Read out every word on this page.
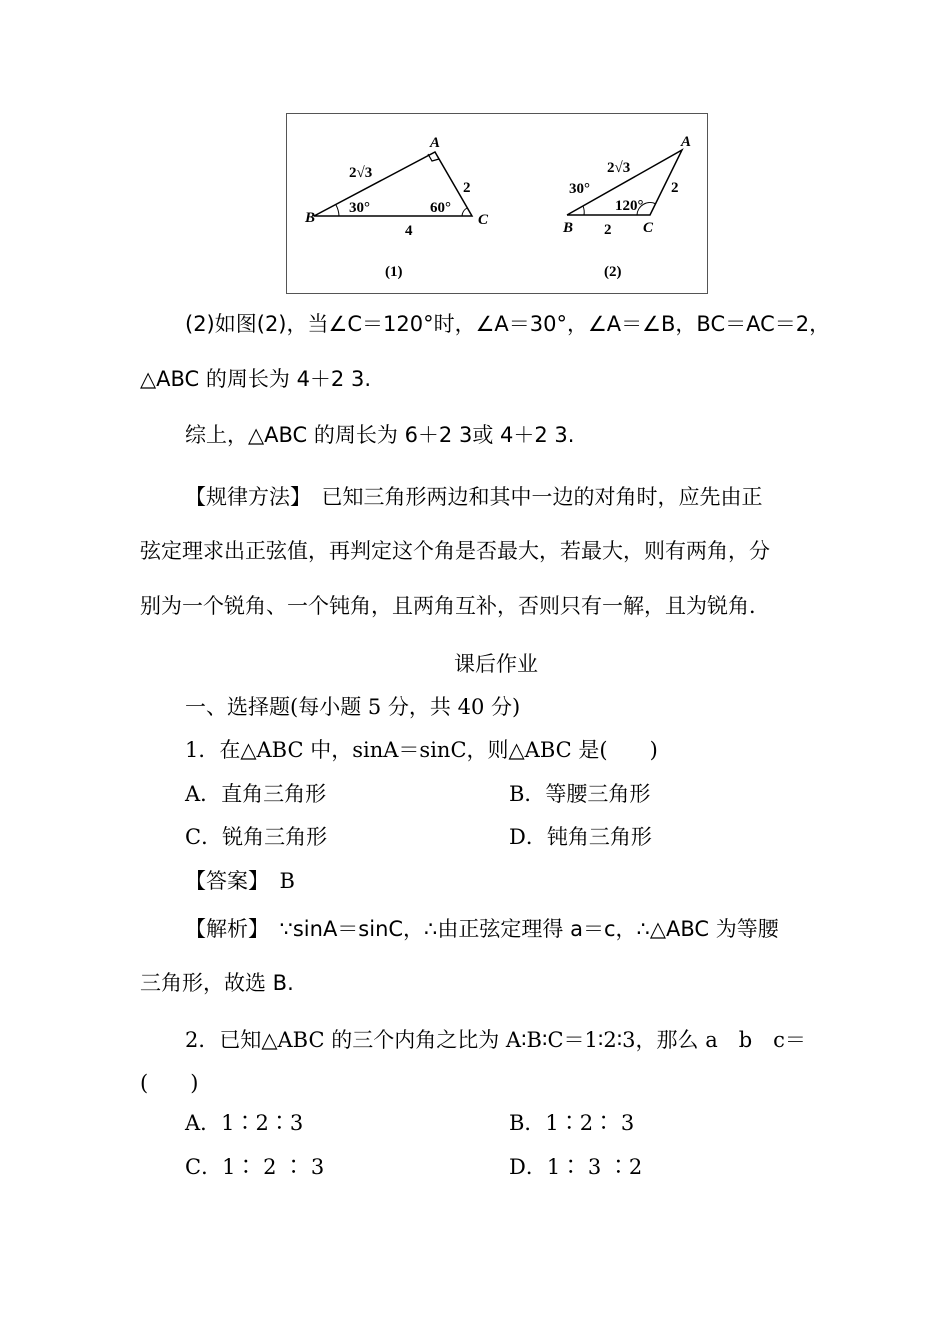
B	C
A
2√3
2
4
30°	60°
(1)
B	C
A
2√3
2
2
30°
120°
(2)
(2)如图(2)，当∠C＝120°时，∠A＝30°，∠A＝∠B，BC＝AC＝2，
△ABC 的周长为 4＋2 3.
综上，△ABC 的周长为 6＋2 3或 4＋2 3.
【规律方法】　已知三角形两边和其中一边的对角时，应先由正
弦定理求出正弦值，再判定这个角是否最大，若最大，则有两角，分
别为一个锐角、一个钝角，且两角互补，否则只有一解，且为锐角．
课后作业
一、选择题(每小题 5 分，共 40 分)
1．在△ABC 中，sinA＝sinC，则△ABC 是(　　)
A．直角三角形	B．等腰三角形
C．锐角三角形	D．钝角三角形
【答案】　B
【解析】　∵sinA＝sinC，∴由正弦定理得 a＝c，∴△ABC 为等腰
三角形，故选 B.
2．已知△ABC 的三个内角之比为 A∶B∶C＝1∶2∶3，那么 a　b　c＝
(　　)
A．1∶2∶3	B．1∶2∶ 3
C．1∶ 2 ∶ 3	D．1∶ 3 ∶2
